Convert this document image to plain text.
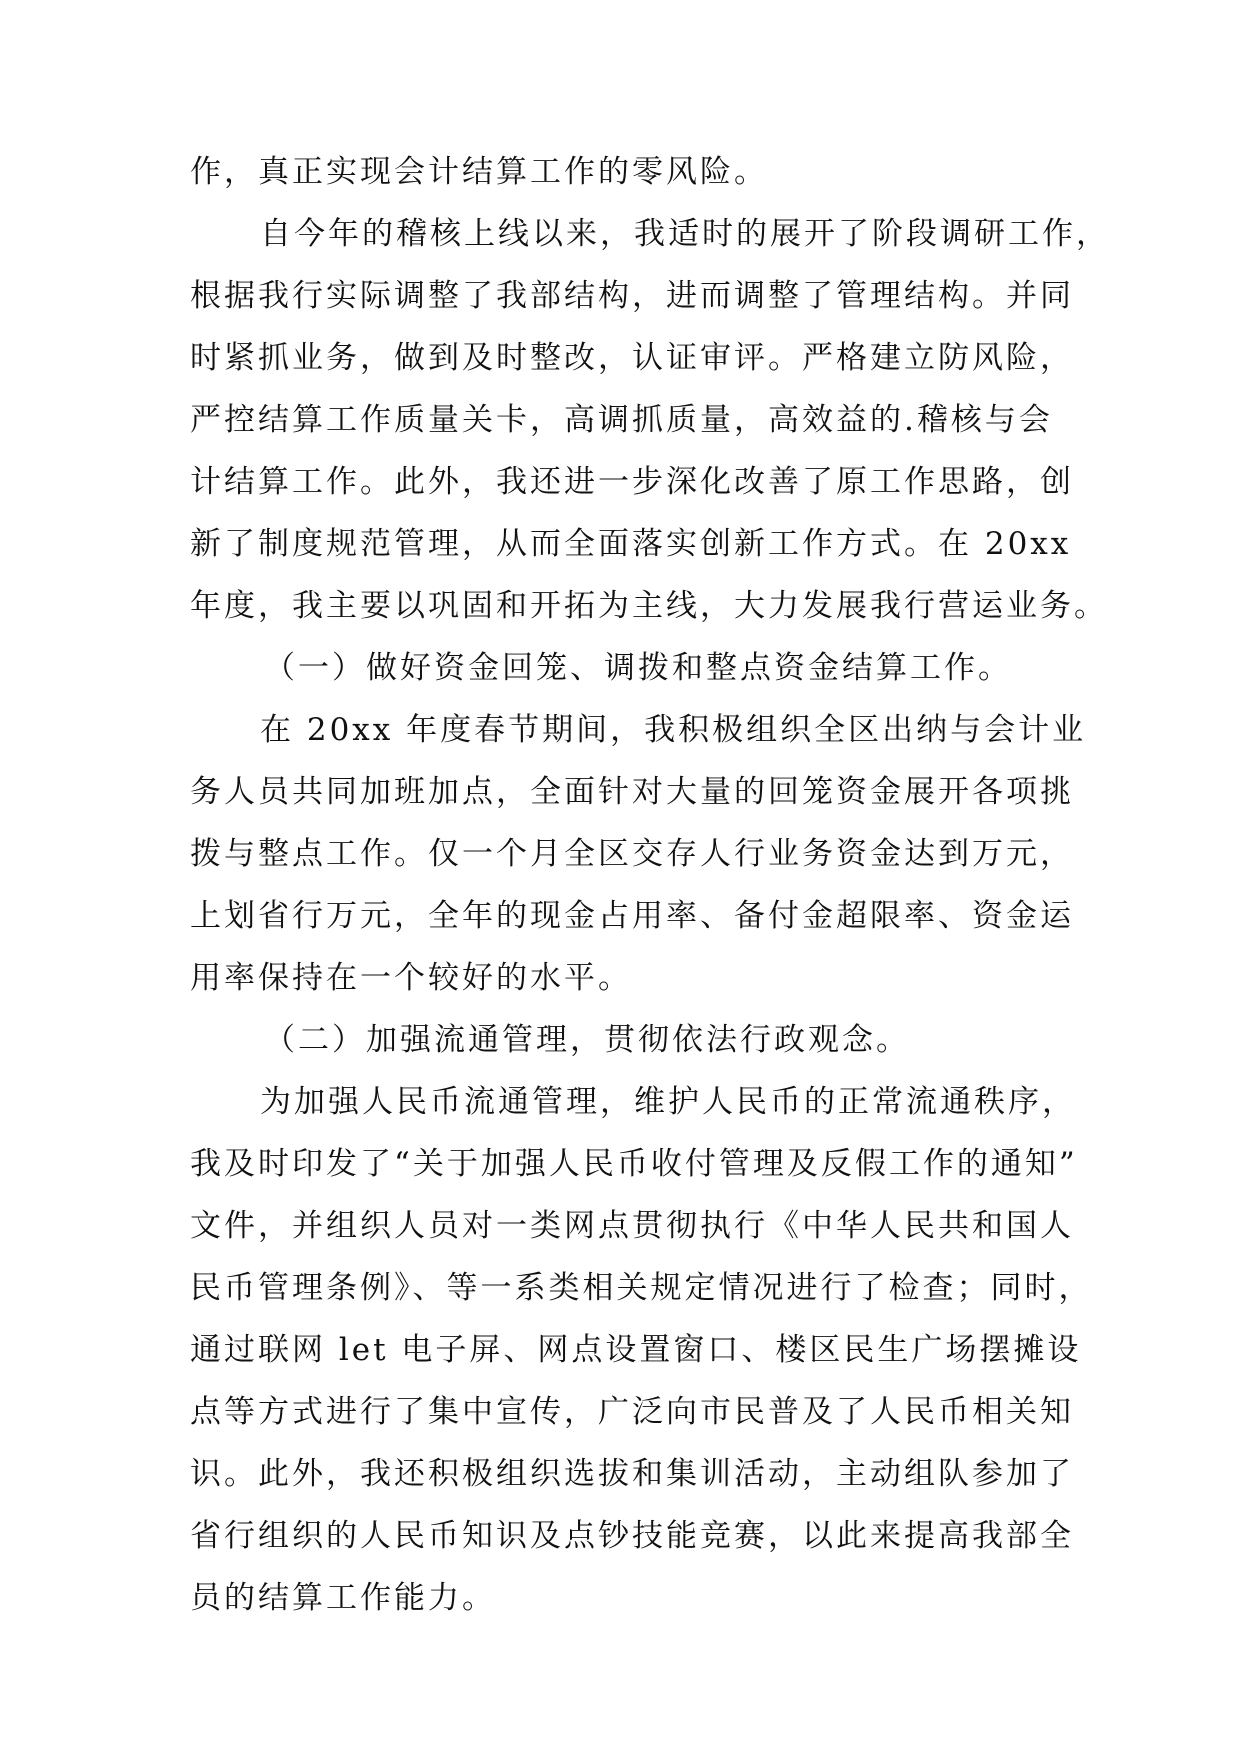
作，真正实现会计结算工作的零风险。
自今年的稽核上线以来，我适时的展开了阶段调研工作，
根据我行实际调整了我部结构，进而调整了管理结构。并同
时紧抓业务，做到及时整改，认证审评。严格建立防风险，
严控结算工作质量关卡，高调抓质量，高效益的.稽核与会
计结算工作。此外，我还进一步深化改善了原工作思路，创
新了制度规范管理，从而全面落实创新工作方式。在 20xx
年度，我主要以巩固和开拓为主线，大力发展我行营运业务。
（一）做好资金回笼、调拨和整点资金结算工作。
在 20xx 年度春节期间，我积极组织全区出纳与会计业
务人员共同加班加点，全面针对大量的回笼资金展开各项挑
拨与整点工作。仅一个月全区交存人行业务资金达到万元，
上划省行万元，全年的现金占用率、备付金超限率、资金运
用率保持在一个较好的水平。
（二）加强流通管理，贯彻依法行政观念。
为加强人民币流通管理，维护人民币的正常流通秩序，
我及时印发了“关于加强人民币收付管理及反假工作的通知”
文件，并组织人员对一类网点贯彻执行《中华人民共和国人
民币管理条例》、等一系类相关规定情况进行了检查；同时，
通过联网 let 电子屏、网点设置窗口、楼区民生广场摆摊设
点等方式进行了集中宣传，广泛向市民普及了人民币相关知
识。此外，我还积极组织选拔和集训活动，主动组队参加了
省行组织的人民币知识及点钞技能竞赛，以此来提高我部全
员的结算工作能力。
